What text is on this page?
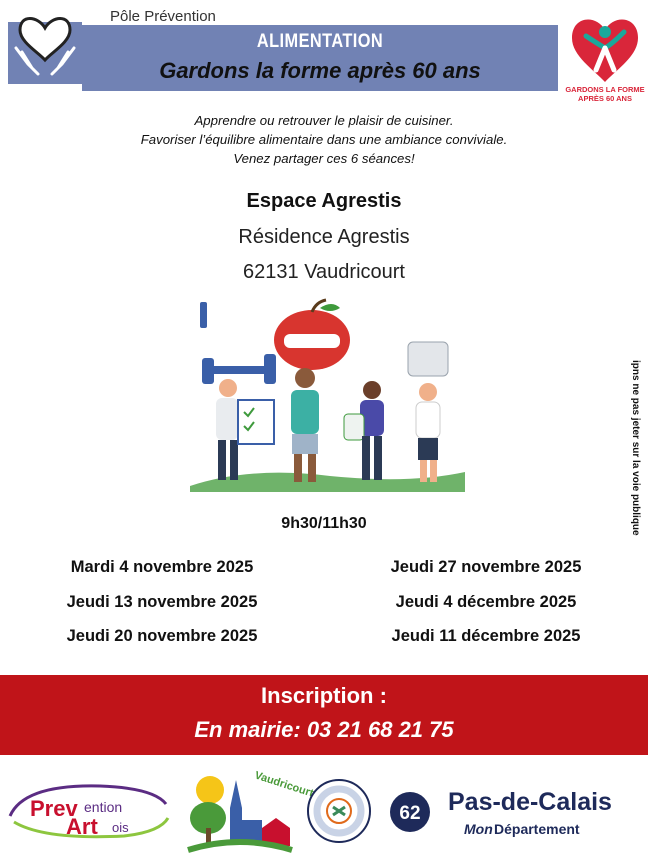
Pôle Prévention
ALIMENTATION
Gardons la forme après 60 ans
GARDONS LA FORME
APRÈS 60 ANS
Apprendre ou retrouver le plaisir de cuisiner.
Favoriser l’équilibre alimentaire dans une ambiance conviviale.
Venez partager ces 6 séances!
Espace Agrestis
Résidence Agrestis
62131 Vaudricourt
ipns ne pas jeter sur la voie publique
9h30/11h30
Mardi 4 novembre 2025
Jeudi 13 novembre 2025
Jeudi 20 novembre 2025
Jeudi 27 novembre 2025
Jeudi 4 décembre 2025
Jeudi 11 décembre 2025
Inscription :
En mairie: 03 21 68 21 75
Prev ention
Art ois
Vaudricourt
62 Pas-de-Calais
Mon Département
